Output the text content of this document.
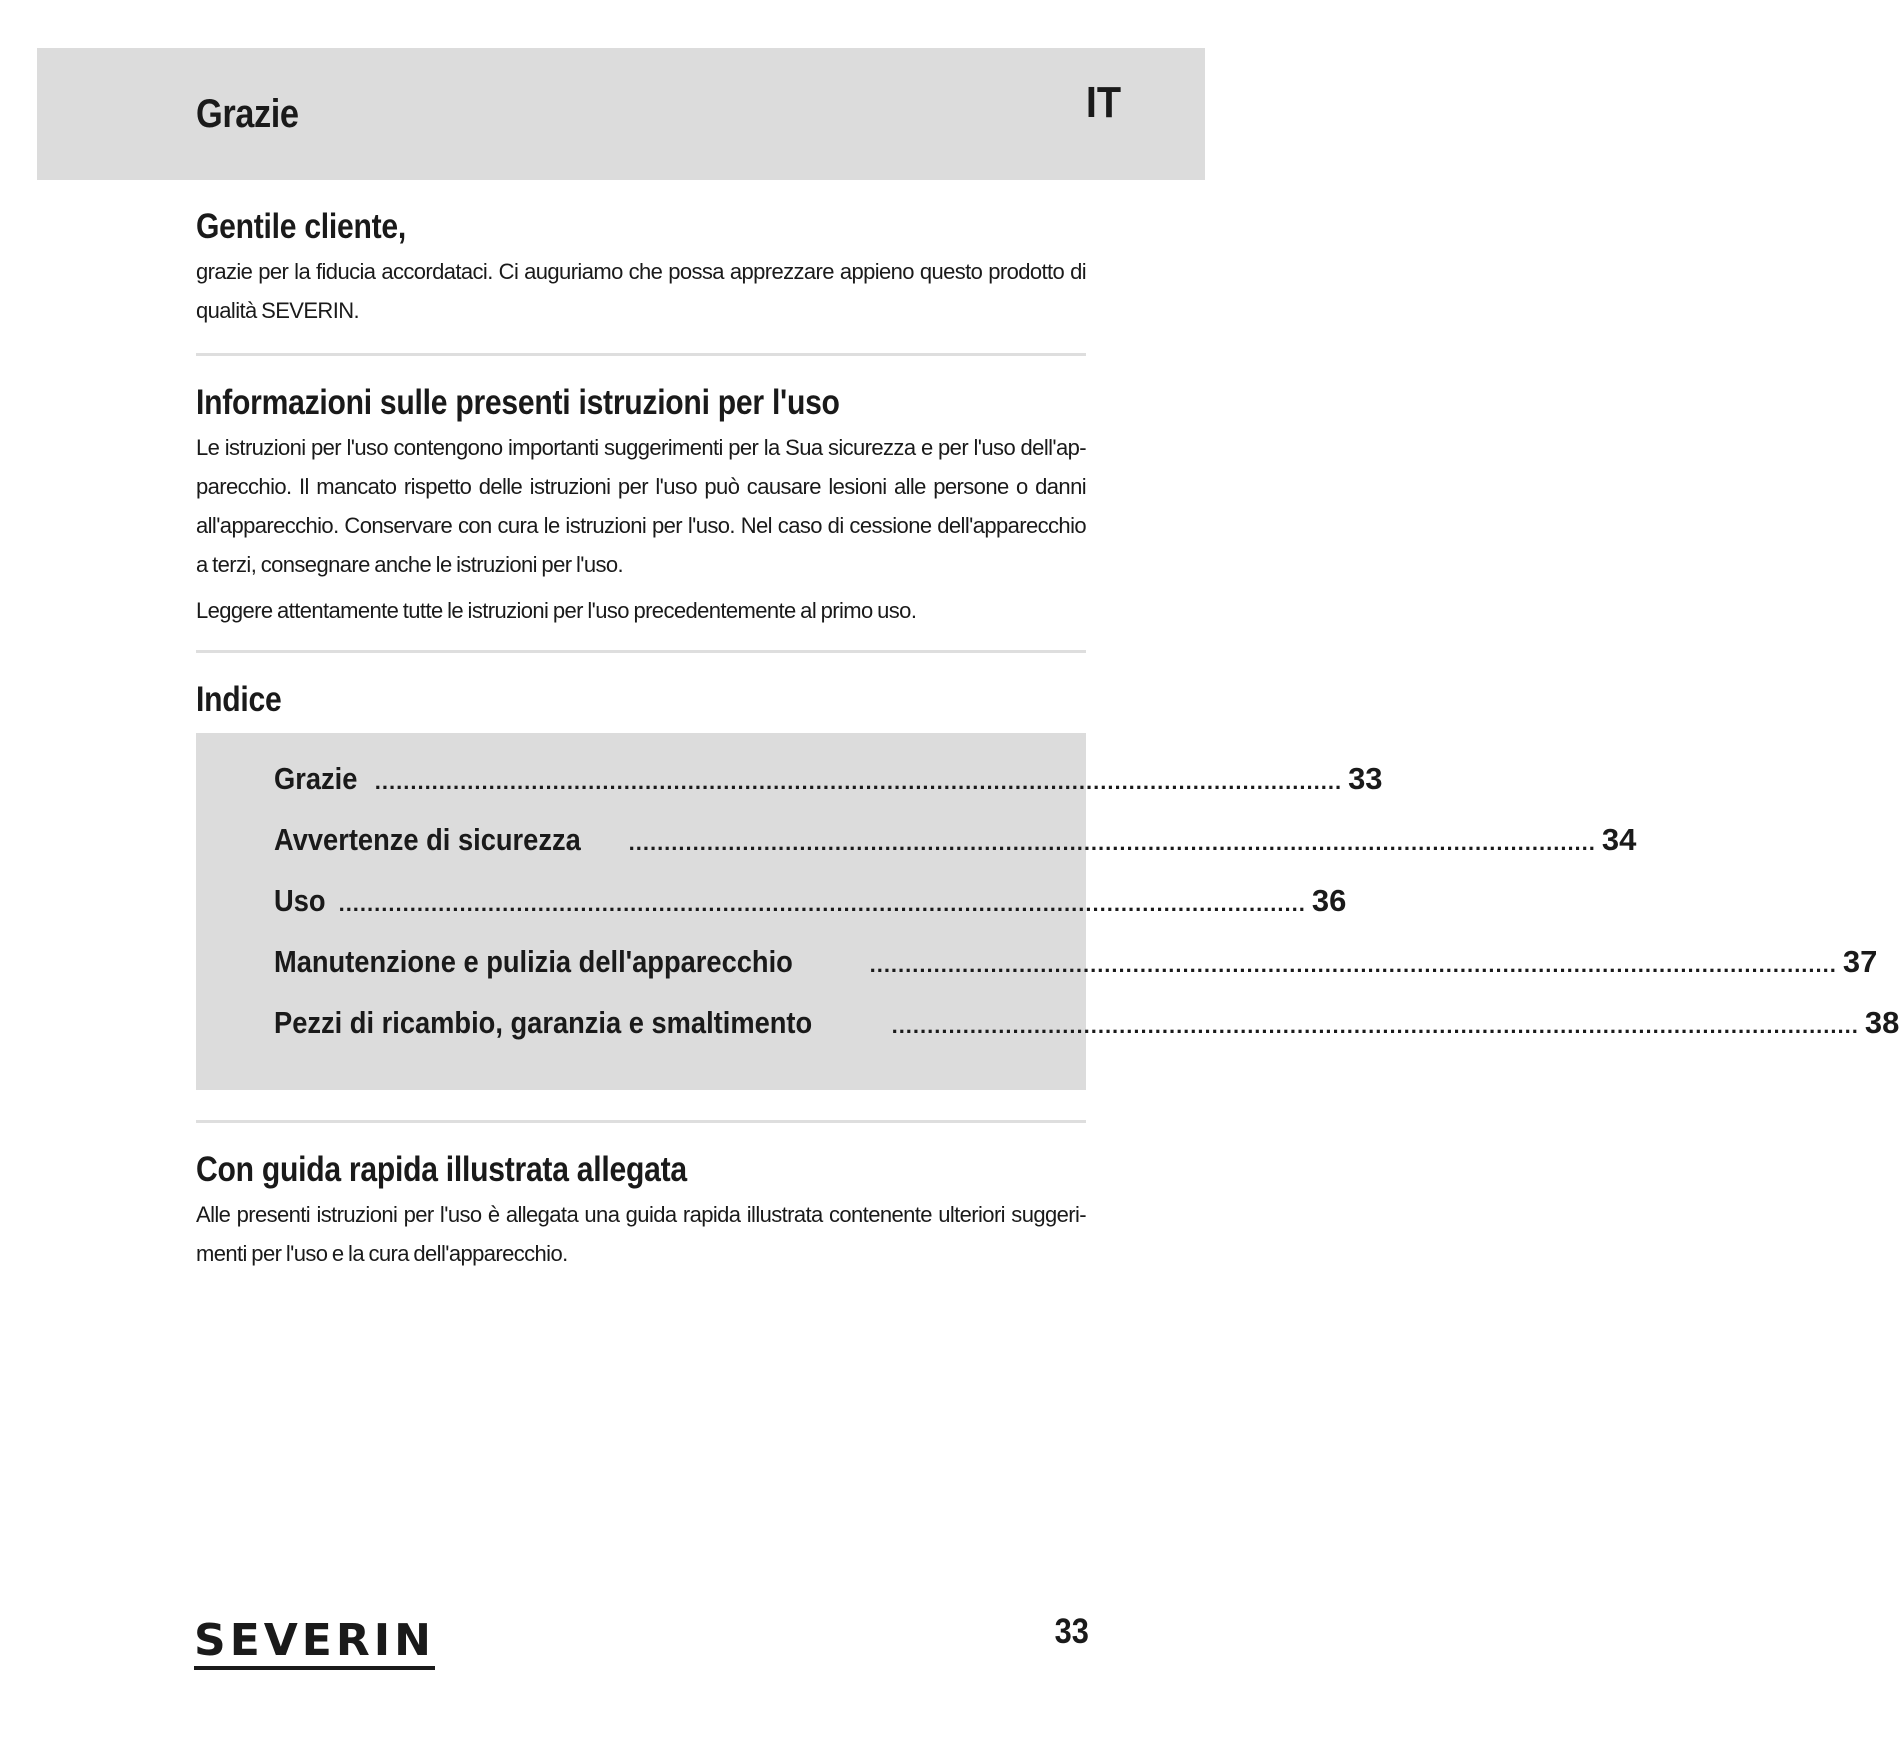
Grazie	IT
Gentile cliente,

grazie per la fiducia accordataci. Ci auguriamo che possa apprezzare appieno questo prodotto di qualità SEVERIN.

Informazioni sulle presenti istruzioni per l'uso

Le istruzioni per l'uso contengono importanti suggerimenti per la Sua sicurezza e per l'uso dell'ap-parecchio. Il mancato rispetto delle istruzioni per l'uso può causare lesioni alle persone o danni all'apparecchio. Conservare con cura le istruzioni per l'uso. Nel caso di cessione dell'apparecchio a terzi, consegnare anche le istruzioni per l'uso.

Leggere attentamente tutte le istruzioni per l'uso precedentemente al primo uso.

Indice
Grazie ........................................................................................................................................ 33
Avvertenze di sicurezza ........................................................................................................................................ 34
Uso ........................................................................................................................................ 36
Manutenzione e pulizia dell'apparecchio	........................................................................................................................................ 37
Pezzi di ricambio, garanzia e smaltimento	........................................................................................................................................ 38
Con guida rapida illustrata allegata

Alle presenti istruzioni per l'uso è allegata una guida rapida illustrata contenente ulteriori suggeri-menti per l'uso e la cura dell'apparecchio.

SEVERIN	33
